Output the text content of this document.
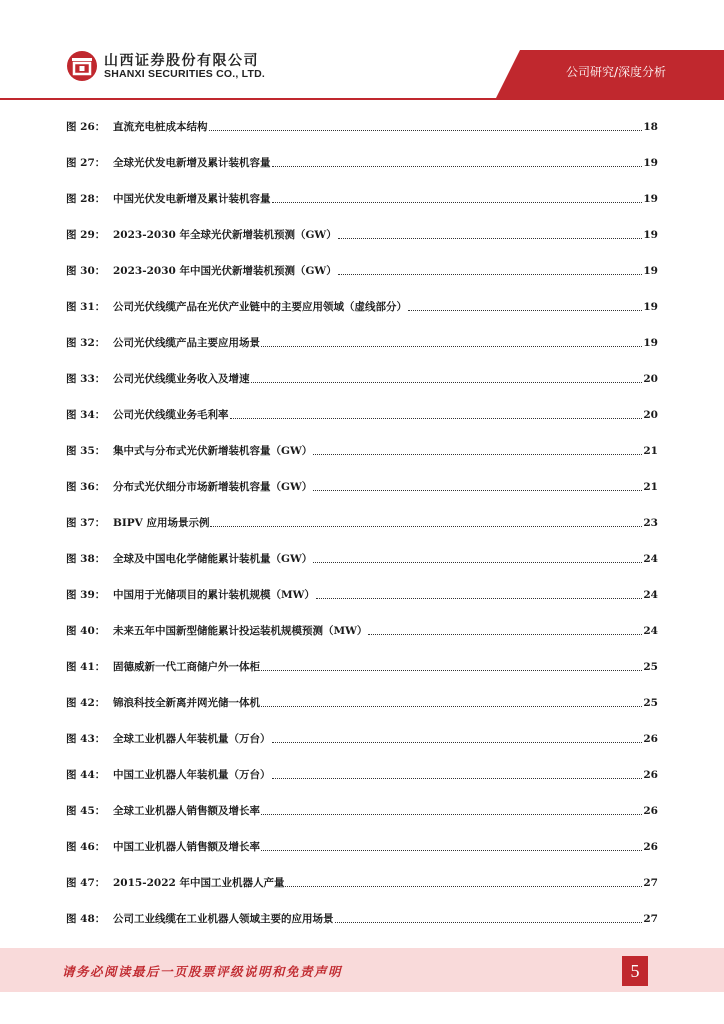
山西证券股份有限公司
SHANXI SECURITIES CO., LTD.	公司研究/深度分析
图 26： 直流充电桩成本结构	18
图 27： 全球光伏发电新增及累计装机容量	19
图 28： 中国光伏发电新增及累计装机容量	19
图 29： 2023-2030 年全球光伏新增装机预测（GW）	19
图 30： 2023-2030 年中国光伏新增装机预测（GW）	19
图 31： 公司光伏线缆产品在光伏产业链中的主要应用领域（虚线部分）	19
图 32： 公司光伏线缆产品主要应用场景	19
图 33： 公司光伏线缆业务收入及增速	20
图 34： 公司光伏线缆业务毛利率	20
图 35： 集中式与分布式光伏新增装机容量（GW）	21
图 36： 分布式光伏细分市场新增装机容量（GW）	21
图 37： BIPV 应用场景示例	23
图 38： 全球及中国电化学储能累计装机量（GW）	24
图 39： 中国用于光储项目的累计装机规模（MW）	24
图 40： 未来五年中国新型储能累计投运装机规模预测（MW）	24
图 41： 固德威新一代工商储户外一体柜	25
图 42： 锦浪科技全新离并网光储一体机	25
图 43： 全球工业机器人年装机量（万台）	26
图 44： 中国工业机器人年装机量（万台）	26
图 45： 全球工业机器人销售额及增长率	26
图 46： 中国工业机器人销售额及增长率	26
图 47： 2015-2022 年中国工业机器人产量	27
图 48： 公司工业线缆在工业机器人领域主要的应用场景	27
请务必阅读最后一页股票评级说明和免责声明	5
